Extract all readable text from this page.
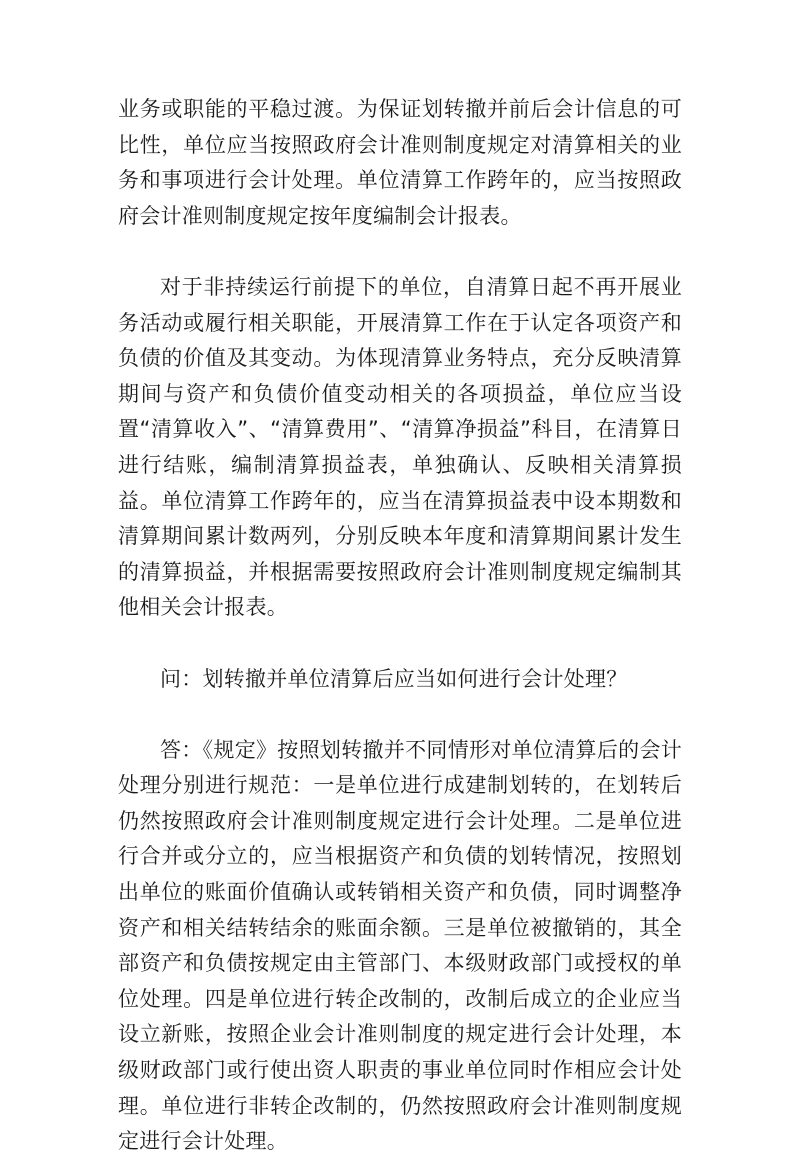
业务或职能的平稳过渡。为保证划转撤并前后会计信息的可比性，单位应当按照政府会计准则制度规定对清算相关的业务和事项进行会计处理。单位清算工作跨年的，应当按照政府会计准则制度规定按年度编制会计报表。

对于非持续运行前提下的单位，自清算日起不再开展业务活动或履行相关职能，开展清算工作在于认定各项资产和负债的价值及其变动。为体现清算业务特点，充分反映清算期间与资产和负债价值变动相关的各项损益，单位应当设置“清算收入”、“清算费用”、“清算净损益”科目，在清算日进行结账，编制清算损益表，单独确认、反映相关清算损益。单位清算工作跨年的，应当在清算损益表中设本期数和清算期间累计数两列，分别反映本年度和清算期间累计发生的清算损益，并根据需要按照政府会计准则制度规定编制其他相关会计报表。

问：划转撤并单位清算后应当如何进行会计处理？

答：《规定》按照划转撤并不同情形对单位清算后的会计处理分别进行规范：一是单位进行成建制划转的，在划转后仍然按照政府会计准则制度规定进行会计处理。二是单位进行合并或分立的，应当根据资产和负债的划转情况，按照划出单位的账面价值确认或转销相关资产和负债，同时调整净资产和相关结转结余的账面余额。三是单位被撤销的，其全部资产和负债按规定由主管部门、本级财政部门或授权的单位处理。四是单位进行转企改制的，改制后成立的企业应当设立新账，按照企业会计准则制度的规定进行会计处理，本级财政部门或行使出资人职责的事业单位同时作相应会计处理。单位进行非转企改制的，仍然按照政府会计准则制度规定进行会计处理。
